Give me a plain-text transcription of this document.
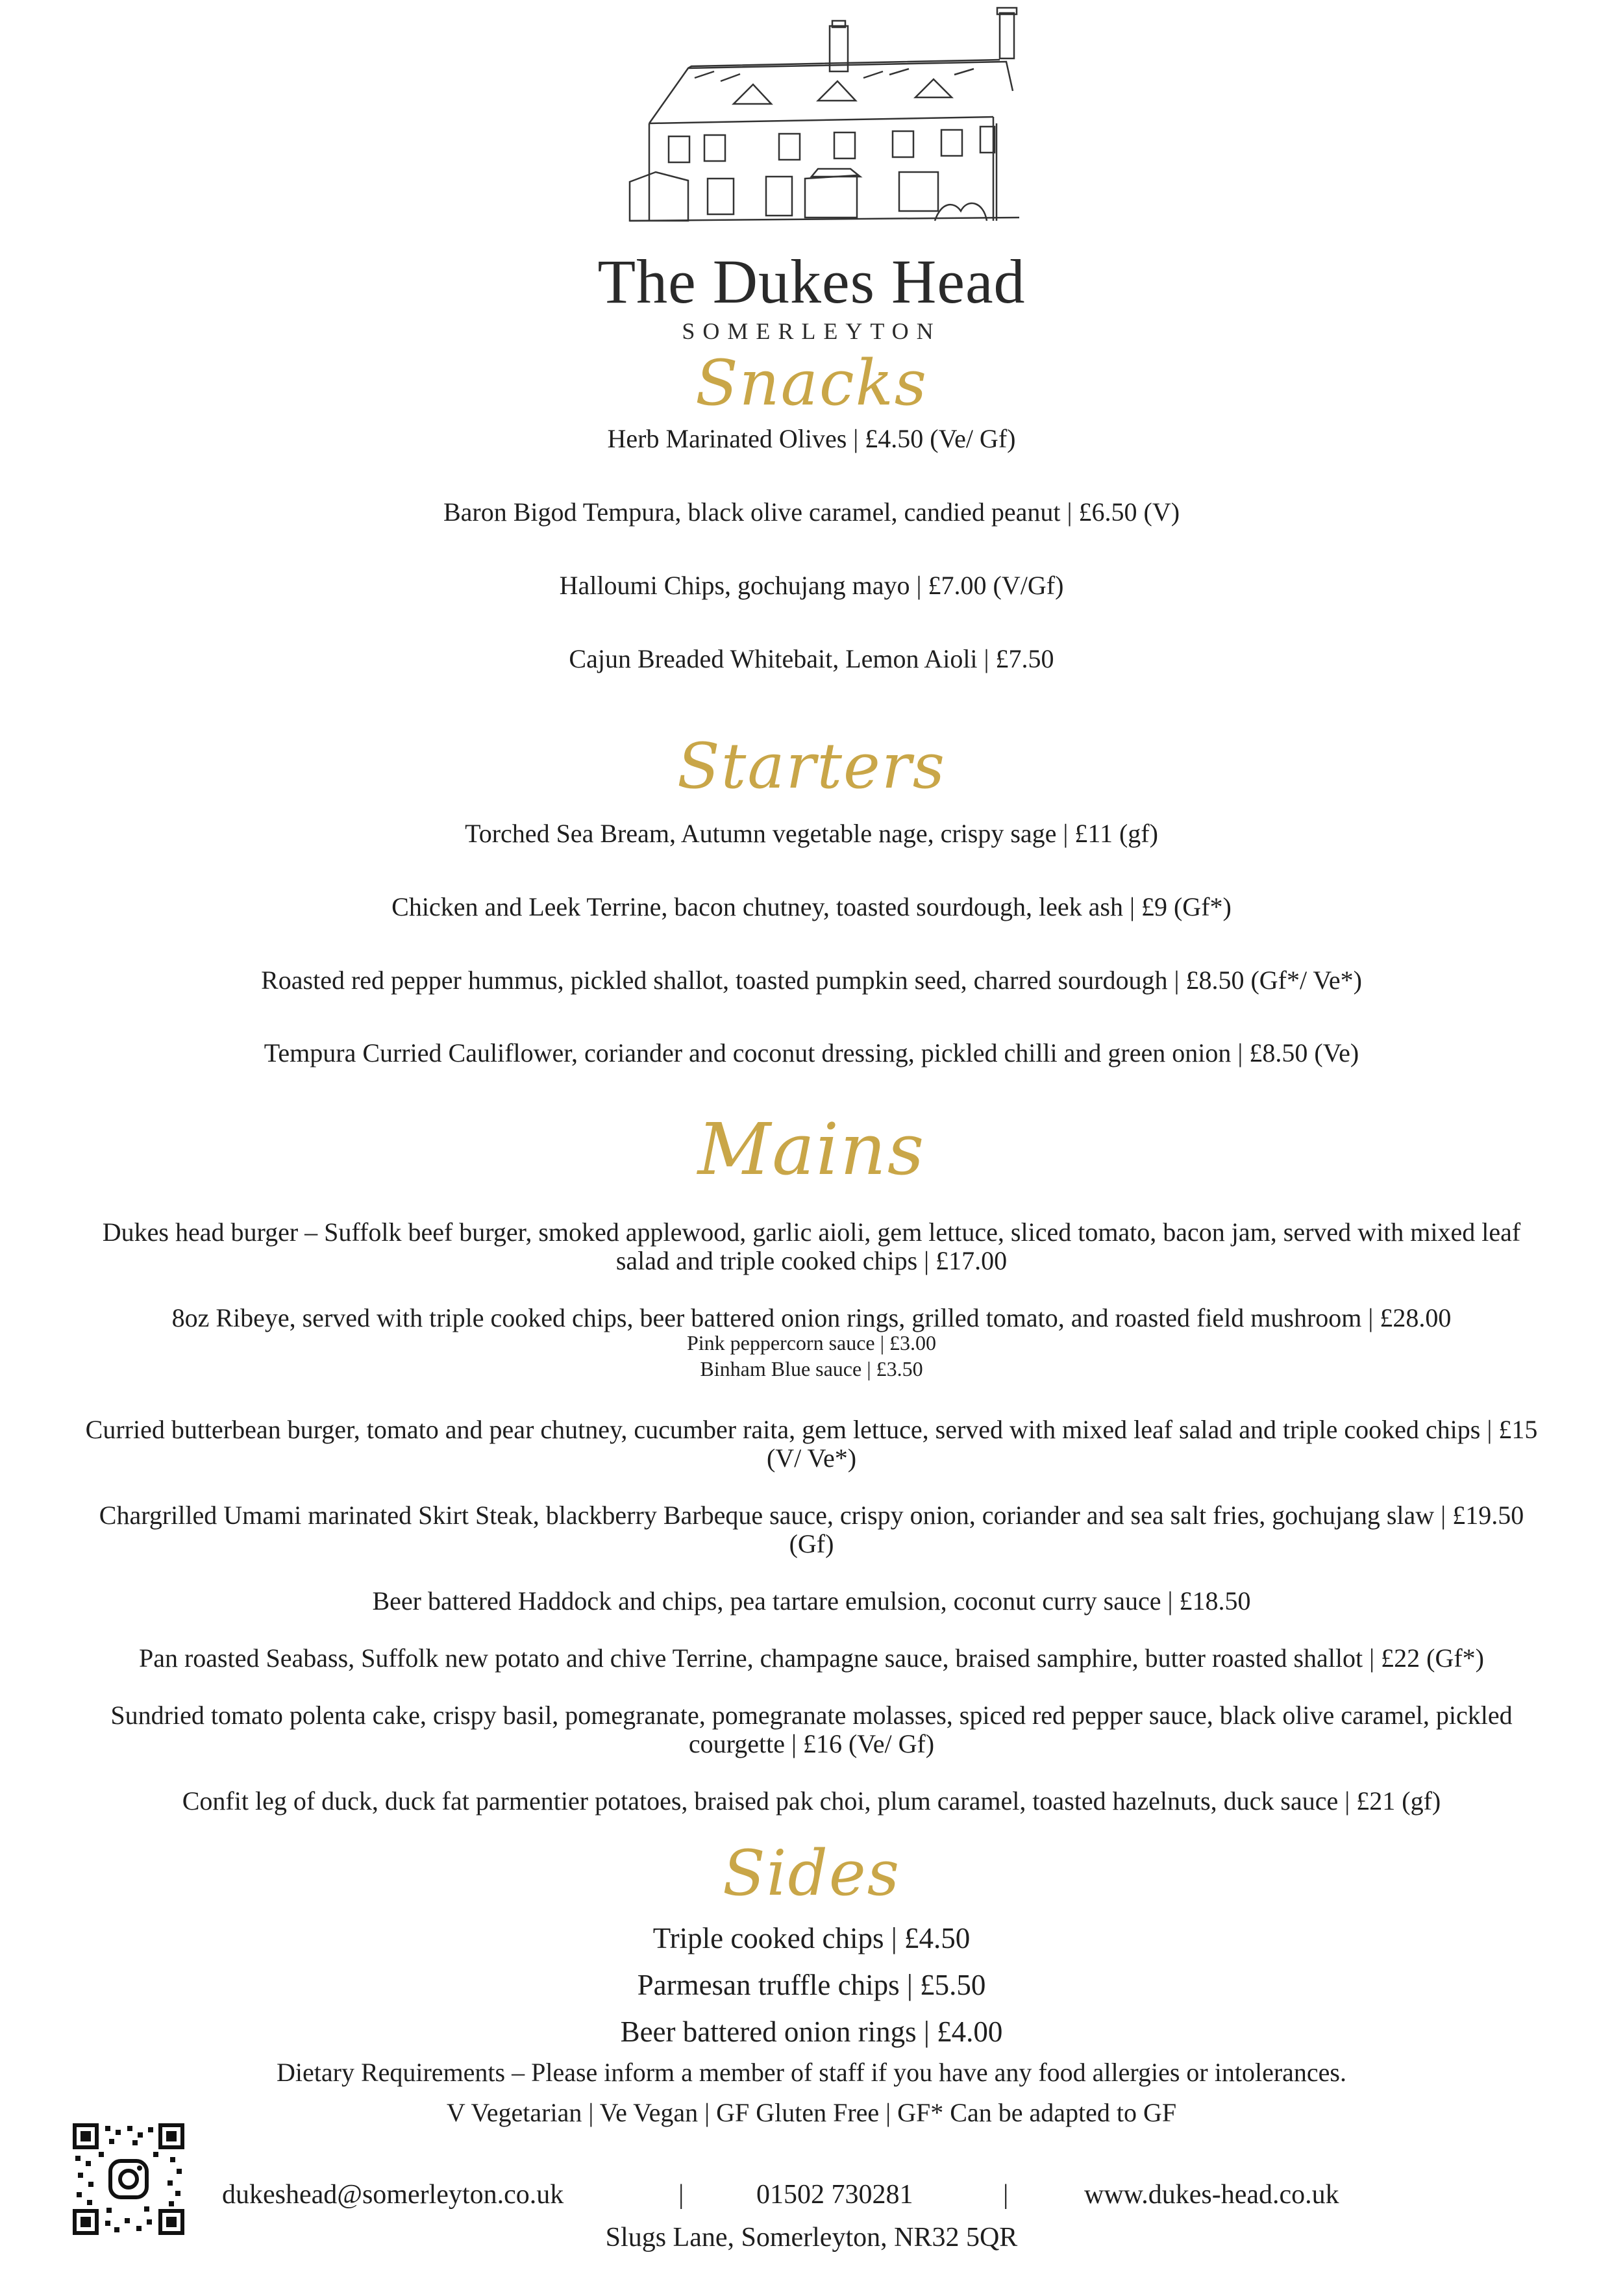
The Dukes Head
SOMERLEYTON
Snacks
Herb Marinated Olives | £4.50 (Ve/ Gf)
Baron Bigod Tempura, black olive caramel, candied peanut | £6.50 (V)
Halloumi Chips, gochujang mayo | £7.00 (V/Gf)
Cajun Breaded Whitebait, Lemon Aioli | £7.50
Starters
Torched Sea Bream, Autumn vegetable nage, crispy sage | £11 (gf)
Chicken and Leek Terrine, bacon chutney, toasted sourdough, leek ash | £9 (Gf*)
Roasted red pepper hummus, pickled shallot, toasted pumpkin seed, charred sourdough | £8.50 (Gf*/ Ve*)
Tempura Curried Cauliflower, coriander and coconut dressing, pickled chilli and green onion | £8.50 (Ve)
Mains
Dukes head burger – Suffolk beef burger, smoked applewood, garlic aioli, gem lettuce, sliced tomato, bacon jam, served with mixed leaf salad and triple cooked chips | £17.00
8oz Ribeye, served with triple cooked chips, beer battered onion rings, grilled tomato, and roasted field mushroom | £28.00
Pink peppercorn sauce | £3.00
Binham Blue sauce | £3.50
Curried butterbean burger, tomato and pear chutney, cucumber raita, gem lettuce, served with mixed leaf salad and triple cooked chips | £15 (V/ Ve*)
Chargrilled Umami marinated Skirt Steak, blackberry Barbeque sauce, crispy onion, coriander and sea salt fries, gochujang slaw | £19.50 (Gf)
Beer battered Haddock and chips, pea tartare emulsion, coconut curry sauce | £18.50
Pan roasted Seabass, Suffolk new potato and chive Terrine, champagne sauce, braised samphire, butter roasted shallot | £22 (Gf*)
Sundried tomato polenta cake, crispy basil, pomegranate, pomegranate molasses, spiced red pepper sauce, black olive caramel, pickled courgette | £16 (Ve/ Gf)
Confit leg of duck, duck fat parmentier potatoes, braised pak choi, plum caramel, toasted hazelnuts, duck sauce | £21 (gf)
Sides
Triple cooked chips | £4.50
Parmesan truffle chips | £5.50
Beer battered onion rings | £4.00
Dietary Requirements – Please inform a member of staff if you have any food allergies or intolerances.
V Vegetarian | Ve Vegan | GF Gluten Free | GF* Can be adapted to GF
dukeshead@somerleyton.co.uk	|	01502 730281	|	www.dukes-head.co.uk
Slugs Lane, Somerleyton, NR32 5QR
